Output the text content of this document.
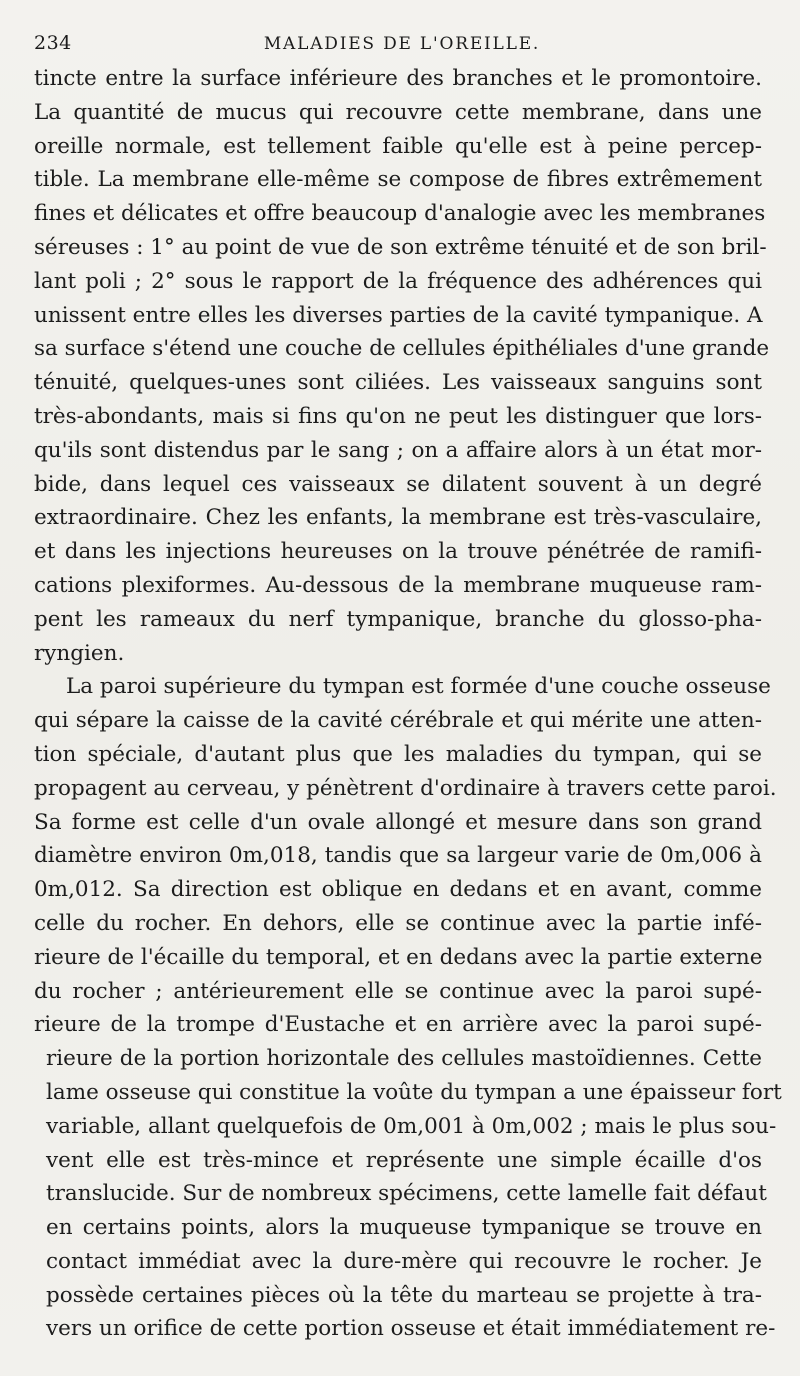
234	MALADIES DE L'OREILLE.
tincte entre la surface inférieure des branches et le promontoire.
La quantité de mucus qui recouvre cette membrane, dans une
oreille normale, est tellement faible qu'elle est à peine percep-
tible. La membrane elle-même se compose de fibres extrêmement
fines et délicates et offre beaucoup d'analogie avec les membranes
séreuses : 1° au point de vue de son extrême ténuité et de son bril-
lant poli ; 2° sous le rapport de la fréquence des adhérences qui
unissent entre elles les diverses parties de la cavité tympanique. A
sa surface s'étend une couche de cellules épithéliales d'une grande
ténuité, quelques-unes sont ciliées. Les vaisseaux sanguins sont
très-abondants, mais si fins qu'on ne peut les distinguer que lors-
qu'ils sont distendus par le sang ; on a affaire alors à un état mor-
bide, dans lequel ces vaisseaux se dilatent souvent à un degré
extraordinaire. Chez les enfants, la membrane est très-vasculaire,
et dans les injections heureuses on la trouve pénétrée de ramifi-
cations plexiformes. Au-dessous de la membrane muqueuse ram-
pent les rameaux du nerf tympanique, branche du glosso-pha-
ryngien.
La paroi supérieure du tympan est formée d'une couche osseuse
qui sépare la caisse de la cavité cérébrale et qui mérite une atten-
tion spéciale, d'autant plus que les maladies du tympan, qui se
propagent au cerveau, y pénètrent d'ordinaire à travers cette paroi.
Sa forme est celle d'un ovale allongé et mesure dans son grand
diamètre environ 0m,018, tandis que sa largeur varie de 0m,006 à
0m,012. Sa direction est oblique en dedans et en avant, comme
celle du rocher. En dehors, elle se continue avec la partie infé-
rieure de l'écaille du temporal, et en dedans avec la partie externe
du rocher ; antérieurement elle se continue avec la paroi supé-
rieure de la trompe d'Eustache et en arrière avec la paroi supé-
rieure de la portion horizontale des cellules mastoïdiennes. Cette
lame osseuse qui constitue la voûte du tympan a une épaisseur fort
variable, allant quelquefois de 0m,001 à 0m,002 ; mais le plus sou-
vent elle est très-mince et représente une simple écaille d'os
translucide. Sur de nombreux spécimens, cette lamelle fait défaut
en certains points, alors la muqueuse tympanique se trouve en
contact immédiat avec la dure-mère qui recouvre le rocher. Je
possède certaines pièces où la tête du marteau se projette à tra-
vers un orifice de cette portion osseuse et était immédiatement re-
